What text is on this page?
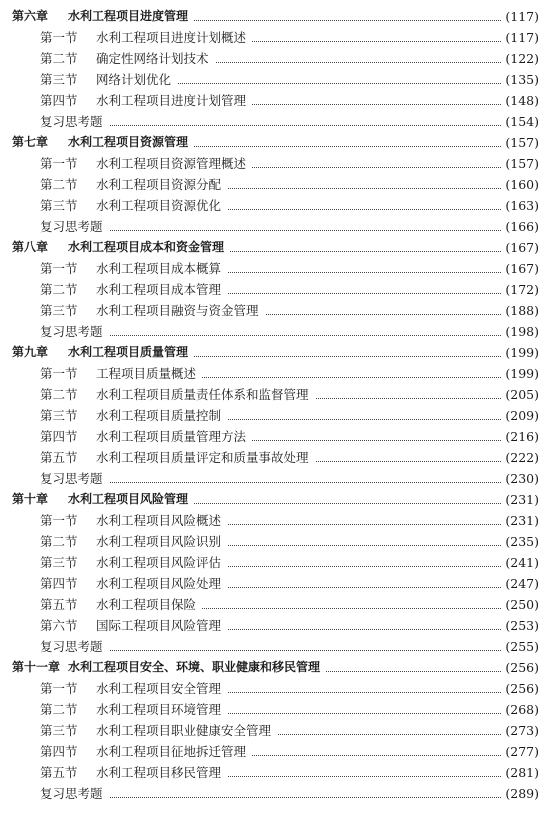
第六章 水利工程项目进度管理	(117)
第一节 水利工程项目进度计划概述	(117)
第二节 确定性网络计划技术	(122)
第三节 网络计划优化	(135)
第四节 水利工程项目进度计划管理	(148)
复习思考题	(154)
第七章 水利工程项目资源管理	(157)
第一节 水利工程项目资源管理概述	(157)
第二节 水利工程项目资源分配	(160)
第三节 水利工程项目资源优化	(163)
复习思考题	(166)
第八章 水利工程项目成本和资金管理	(167)
第一节 水利工程项目成本概算	(167)
第二节 水利工程项目成本管理	(172)
第三节 水利工程项目融资与资金管理	(188)
复习思考题	(198)
第九章 水利工程项目质量管理	(199)
第一节 工程项目质量概述	(199)
第二节 水利工程项目质量责任体系和监督管理	(205)
第三节 水利工程项目质量控制	(209)
第四节 水利工程项目质量管理方法	(216)
第五节 水利工程项目质量评定和质量事故处理	(222)
复习思考题	(230)
第十章 水利工程项目风险管理	(231)
第一节 水利工程项目风险概述	(231)
第二节 水利工程项目风险识别	(235)
第三节 水利工程项目风险评估	(241)
第四节 水利工程项目风险处理	(247)
第五节 水利工程项目保险	(250)
第六节 国际工程项目风险管理	(253)
复习思考题	(255)
第十一章 水利工程项目安全、环境、职业健康和移民管理	(256)
第一节 水利工程项目安全管理	(256)
第二节 水利工程项目环境管理	(268)
第三节 水利工程项目职业健康安全管理	(273)
第四节 水利工程项目征地拆迁管理	(277)
第五节 水利工程项目移民管理	(281)
复习思考题	(289)
